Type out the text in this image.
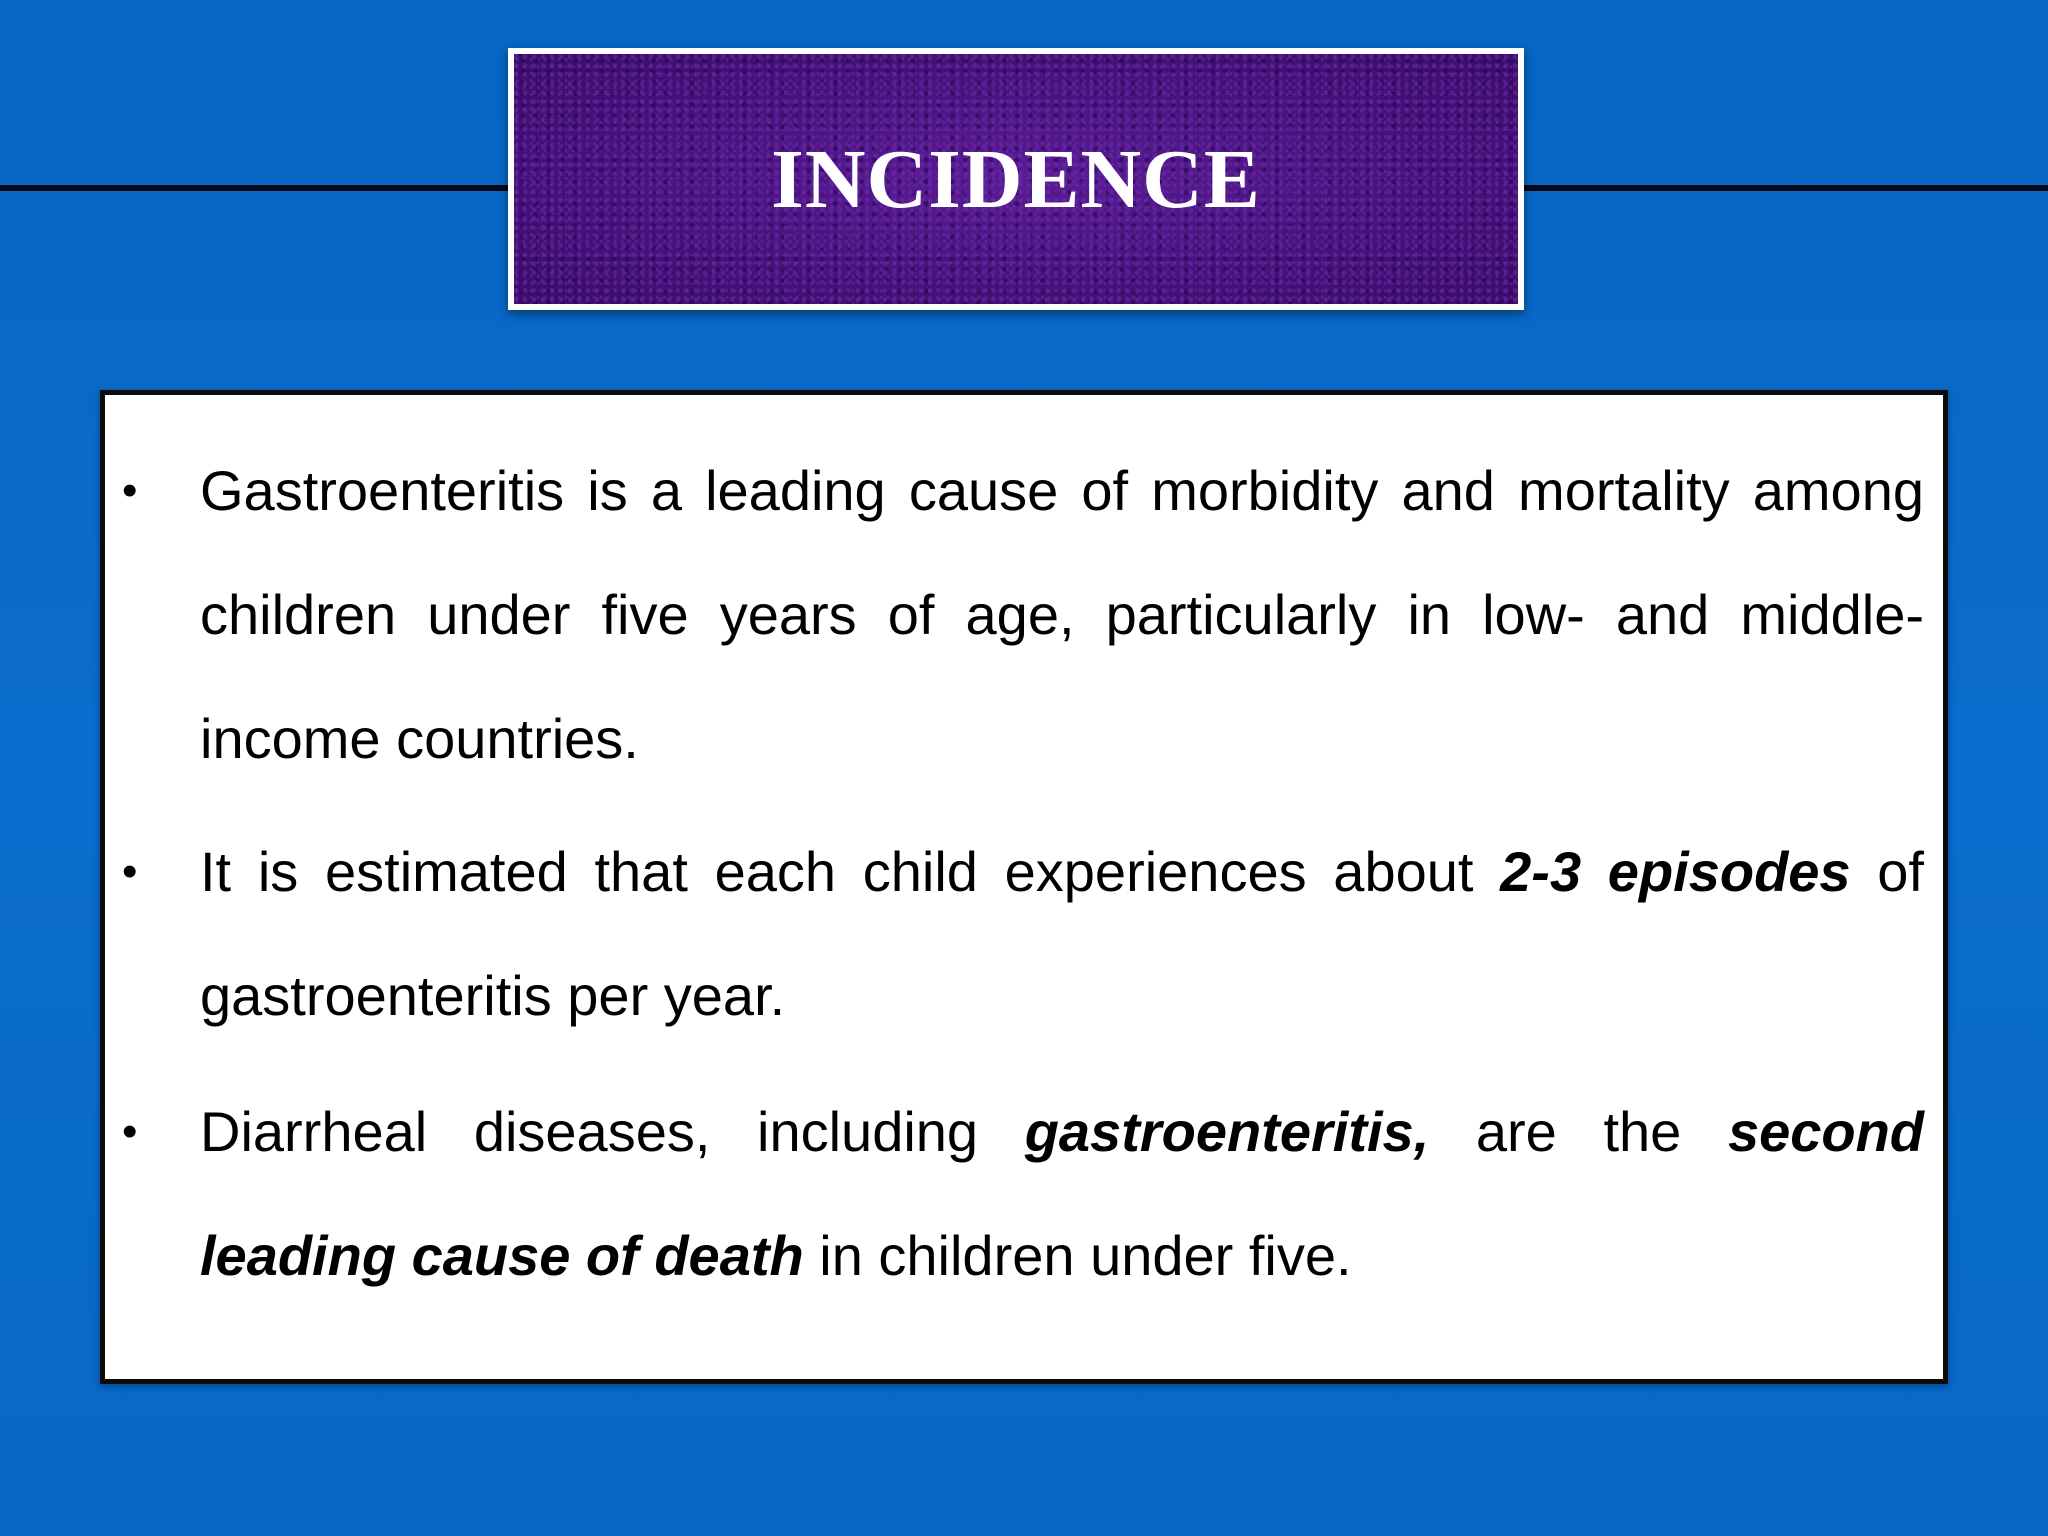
INCIDENCE
• Gastroenteritis is a leading cause of morbidity and mortality among children under five years of age, particularly in low- and middle-income countries.
• It is estimated that each child experiences about 2-3 episodes of gastroenteritis per year.
• Diarrheal diseases, including gastroenteritis, are the second leading cause of death in children under five.
